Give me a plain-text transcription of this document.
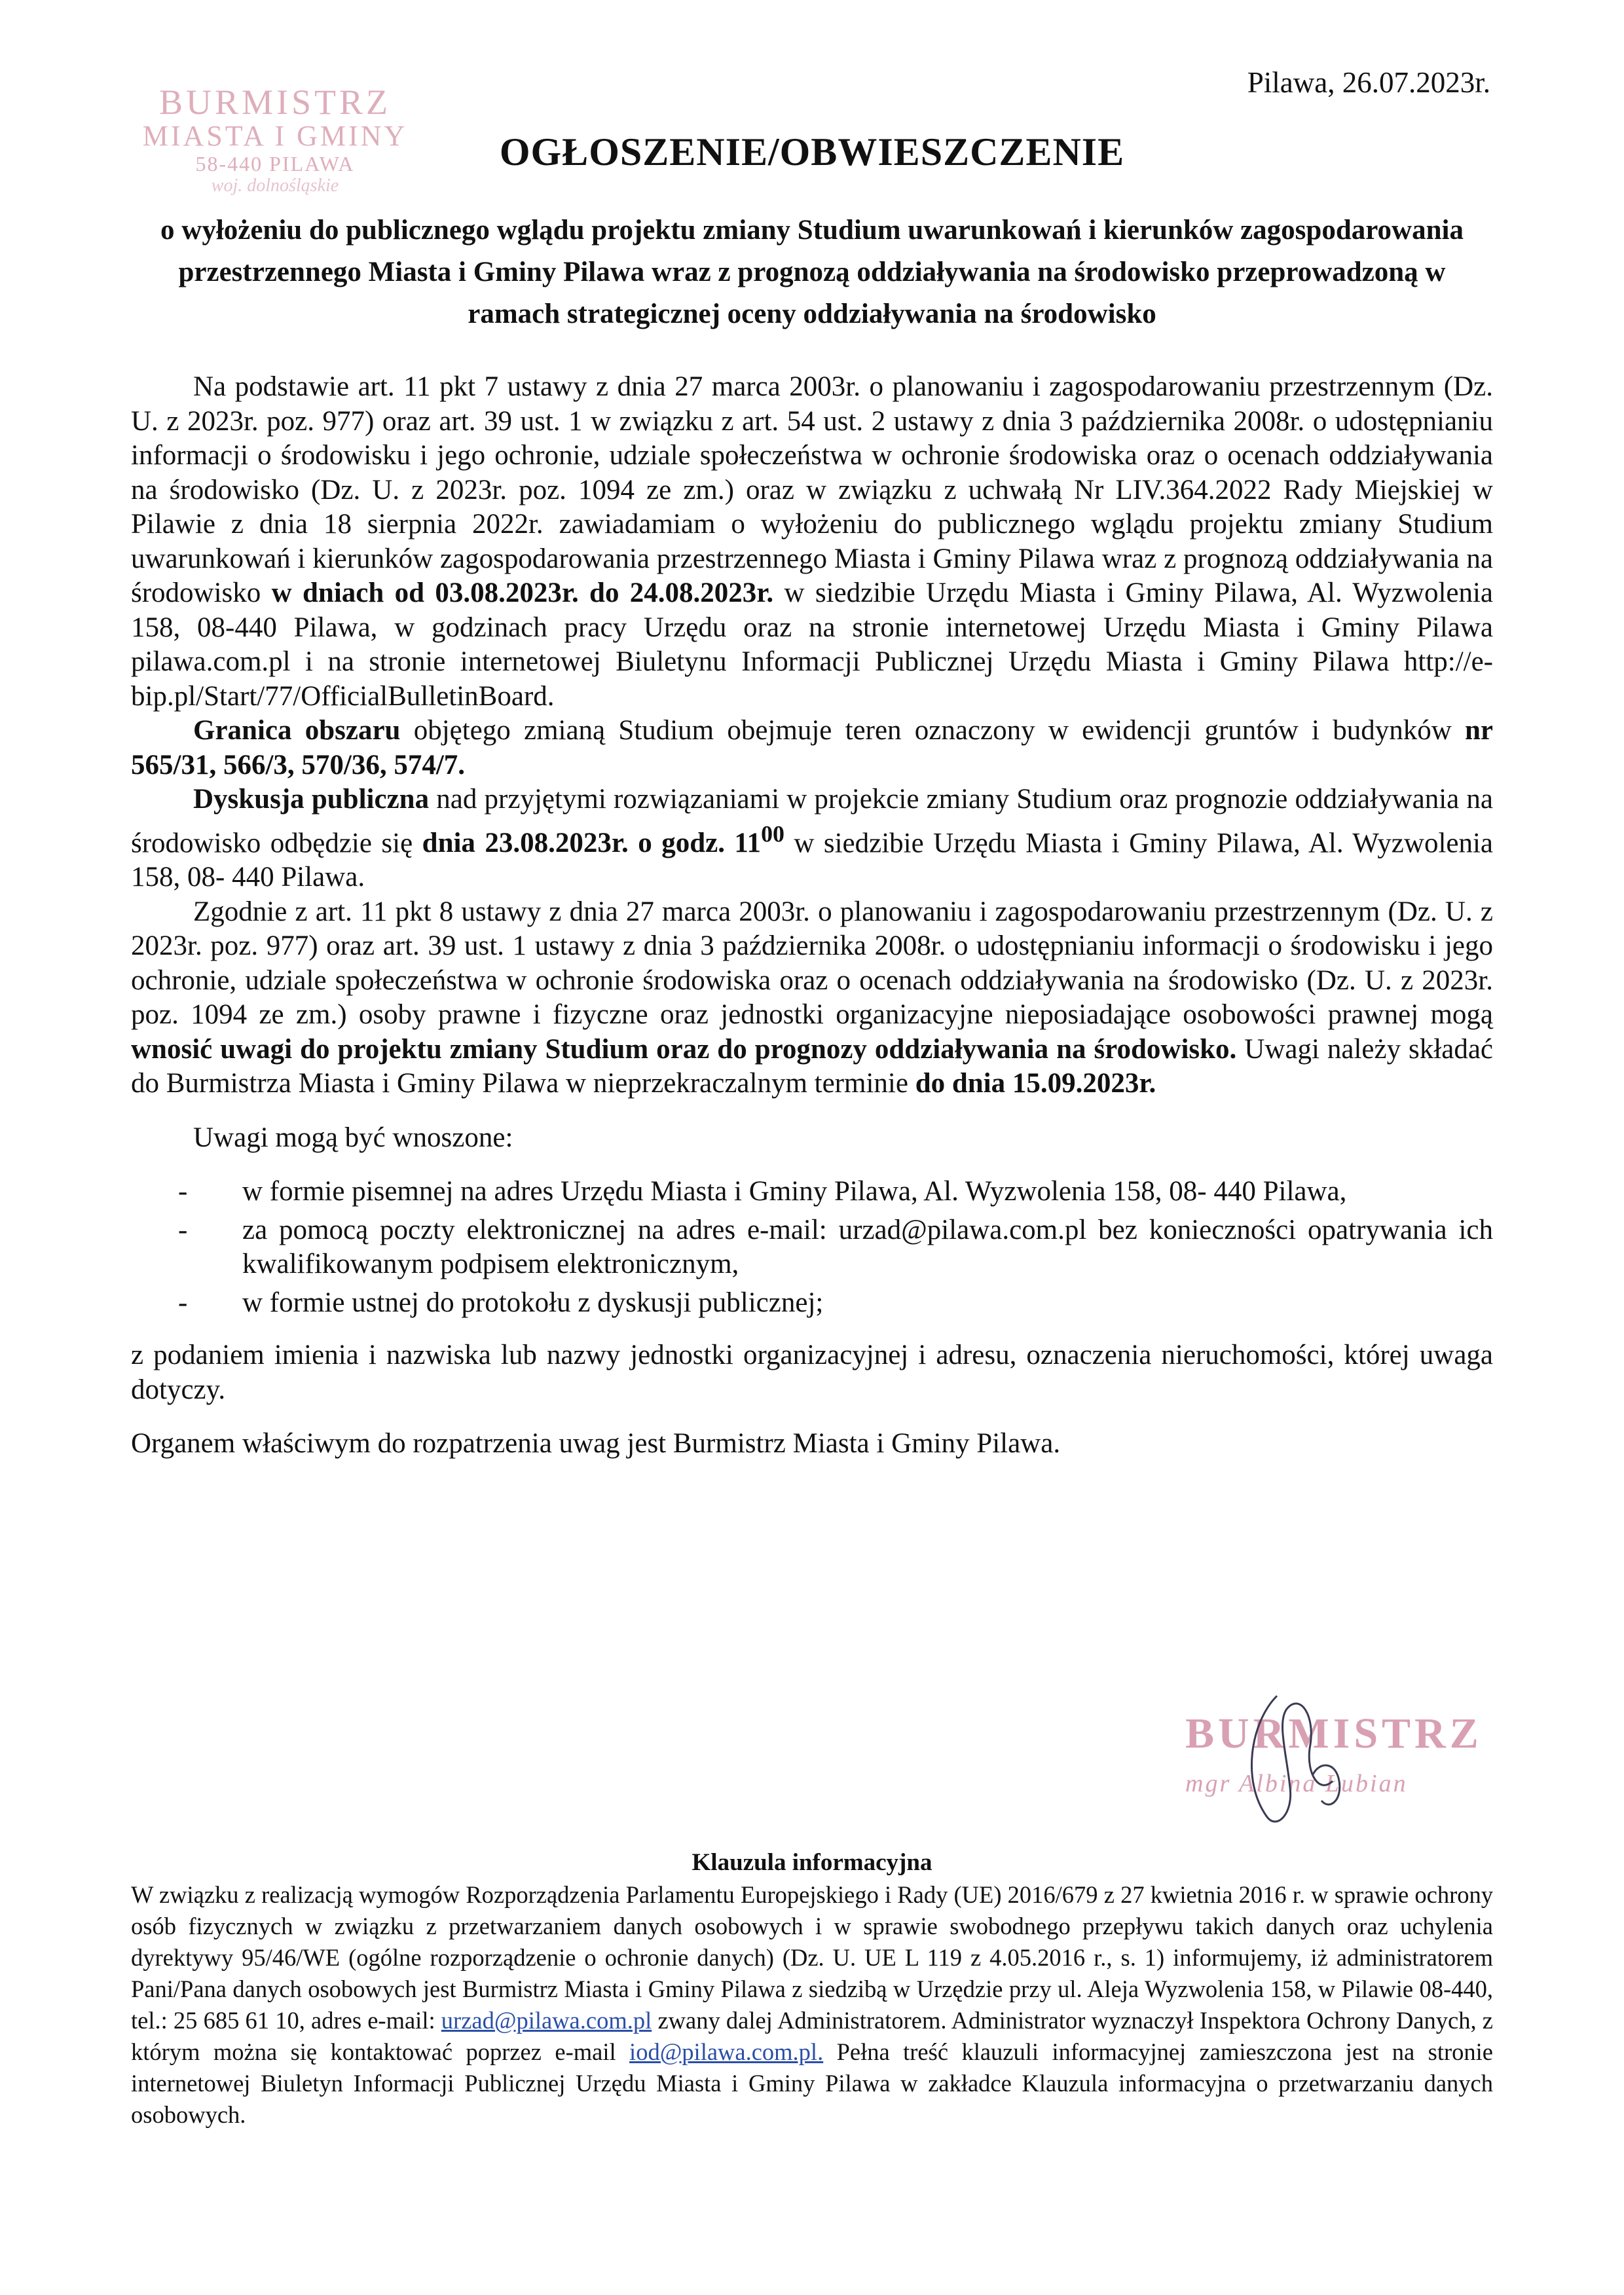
BURMISTRZ
MIASTA I GMINY
58-440 PILAWA
woj. dolnośląskie
Pilawa, 26.07.2023r.
OGŁOSZENIE/OBWIESZCZENIE
o wyłożeniu do publicznego wglądu projektu zmiany Studium uwarunkowań i kierunków zagospodarowania przestrzennego Miasta i Gminy Pilawa wraz z prognozą oddziaływania na środowisko przeprowadzoną w ramach strategicznej oceny oddziaływania na środowisko

Na podstawie art. 11 pkt 7 ustawy z dnia 27 marca 2003r. o planowaniu i zagospodarowaniu przestrzennym (Dz. U. z 2023r. poz. 977) oraz art. 39 ust. 1 w związku z art. 54 ust. 2 ustawy z dnia 3 października 2008r. o udostępnianiu informacji o środowisku i jego ochronie, udziale społeczeństwa w ochronie środowiska oraz o ocenach oddziaływania na środowisko (Dz. U. z 2023r. poz. 1094 ze zm.) oraz w związku z uchwałą Nr LIV.364.2022 Rady Miejskiej w Pilawie z dnia 18 sierpnia 2022r. zawiadamiam o wyłożeniu do publicznego wglądu projektu zmiany Studium uwarunkowań i kierunków zagospodarowania przestrzennego Miasta i Gminy Pilawa wraz z prognozą oddziaływania na środowisko w dniach od 03.08.2023r. do 24.08.2023r. w siedzibie Urzędu Miasta i Gminy Pilawa, Al. Wyzwolenia 158, 08-440 Pilawa, w godzinach pracy Urzędu oraz na stronie internetowej Urzędu Miasta i Gminy Pilawa pilawa.com.pl i na stronie internetowej Biuletynu Informacji Publicznej Urzędu Miasta i Gminy Pilawa http://e-bip.pl/Start/77/OfficialBulletinBoard.

Granica obszaru objętego zmianą Studium obejmuje teren oznaczony w ewidencji gruntów i budynków nr 565/31, 566/3, 570/36, 574/7.

Dyskusja publiczna nad przyjętymi rozwiązaniami w projekcie zmiany Studium oraz prognozie oddziaływania na środowisko odbędzie się dnia 23.08.2023r. o godz. $11^{00}$ w siedzibie Urzędu Miasta i Gminy Pilawa, Al. Wyzwolenia 158, 08- 440 Pilawa.

Zgodnie z art. 11 pkt 8 ustawy z dnia 27 marca 2003r. o planowaniu i zagospodarowaniu przestrzennym (Dz. U. z 2023r. poz. 977) oraz art. 39 ust. 1 ustawy z dnia 3 października 2008r. o udostępnianiu informacji o środowisku i jego ochronie, udziale społeczeństwa w ochronie środowiska oraz o ocenach oddziaływania na środowisko (Dz. U. z 2023r. poz. 1094 ze zm.) osoby prawne i fizyczne oraz jednostki organizacyjne nieposiadające osobowości prawnej mogą wnosić uwagi do projektu zmiany Studium oraz do prognozy oddziaływania na środowisko. Uwagi należy składać do Burmistrza Miasta i Gminy Pilawa w nieprzekraczalnym terminie do dnia 15.09.2023r.

Uwagi mogą być wnoszone:

- w formie pisemnej na adres Urzędu Miasta i Gminy Pilawa, Al. Wyzwolenia 158, 08- 440 Pilawa,
- za pomocą poczty elektronicznej na adres e-mail: urzad@pilawa.com.pl bez konieczności opatrywania ich kwalifikowanym podpisem elektronicznym,
- w formie ustnej do protokołu z dyskusji publicznej;

z podaniem imienia i nazwiska lub nazwy jednostki organizacyjnej i adresu, oznaczenia nieruchomości, której uwaga dotyczy.

Organem właściwym do rozpatrzenia uwag jest Burmistrz Miasta i Gminy Pilawa.

BURMISTRZ
mgr Albina Łubian
Klauzula informacyjna
W związku z realizacją wymogów Rozporządzenia Parlamentu Europejskiego i Rady (UE) 2016/679 z 27 kwietnia 2016 r. w sprawie ochrony osób fizycznych w związku z przetwarzaniem danych osobowych i w sprawie swobodnego przepływu takich danych oraz uchylenia dyrektywy 95/46/WE (ogólne rozporządzenie o ochronie danych) (Dz. U. UE L 119 z 4.05.2016 r., s. 1) informujemy, iż administratorem Pani/Pana danych osobowych jest Burmistrz Miasta i Gminy Pilawa z siedzibą w Urzędzie przy ul. Aleja Wyzwolenia 158, w Pilawie 08-440, tel.: 25 685 61 10, adres e-mail: urzad@pilawa.com.pl zwany dalej Administratorem. Administrator wyznaczył Inspektora Ochrony Danych, z którym można się kontaktować poprzez e-mail iod@pilawa.com.pl. Pełna treść klauzuli informacyjnej zamieszczona jest na stronie internetowej Biuletyn Informacji Publicznej Urzędu Miasta i Gminy Pilawa w zakładce Klauzula informacyjna o przetwarzaniu danych osobowych.
